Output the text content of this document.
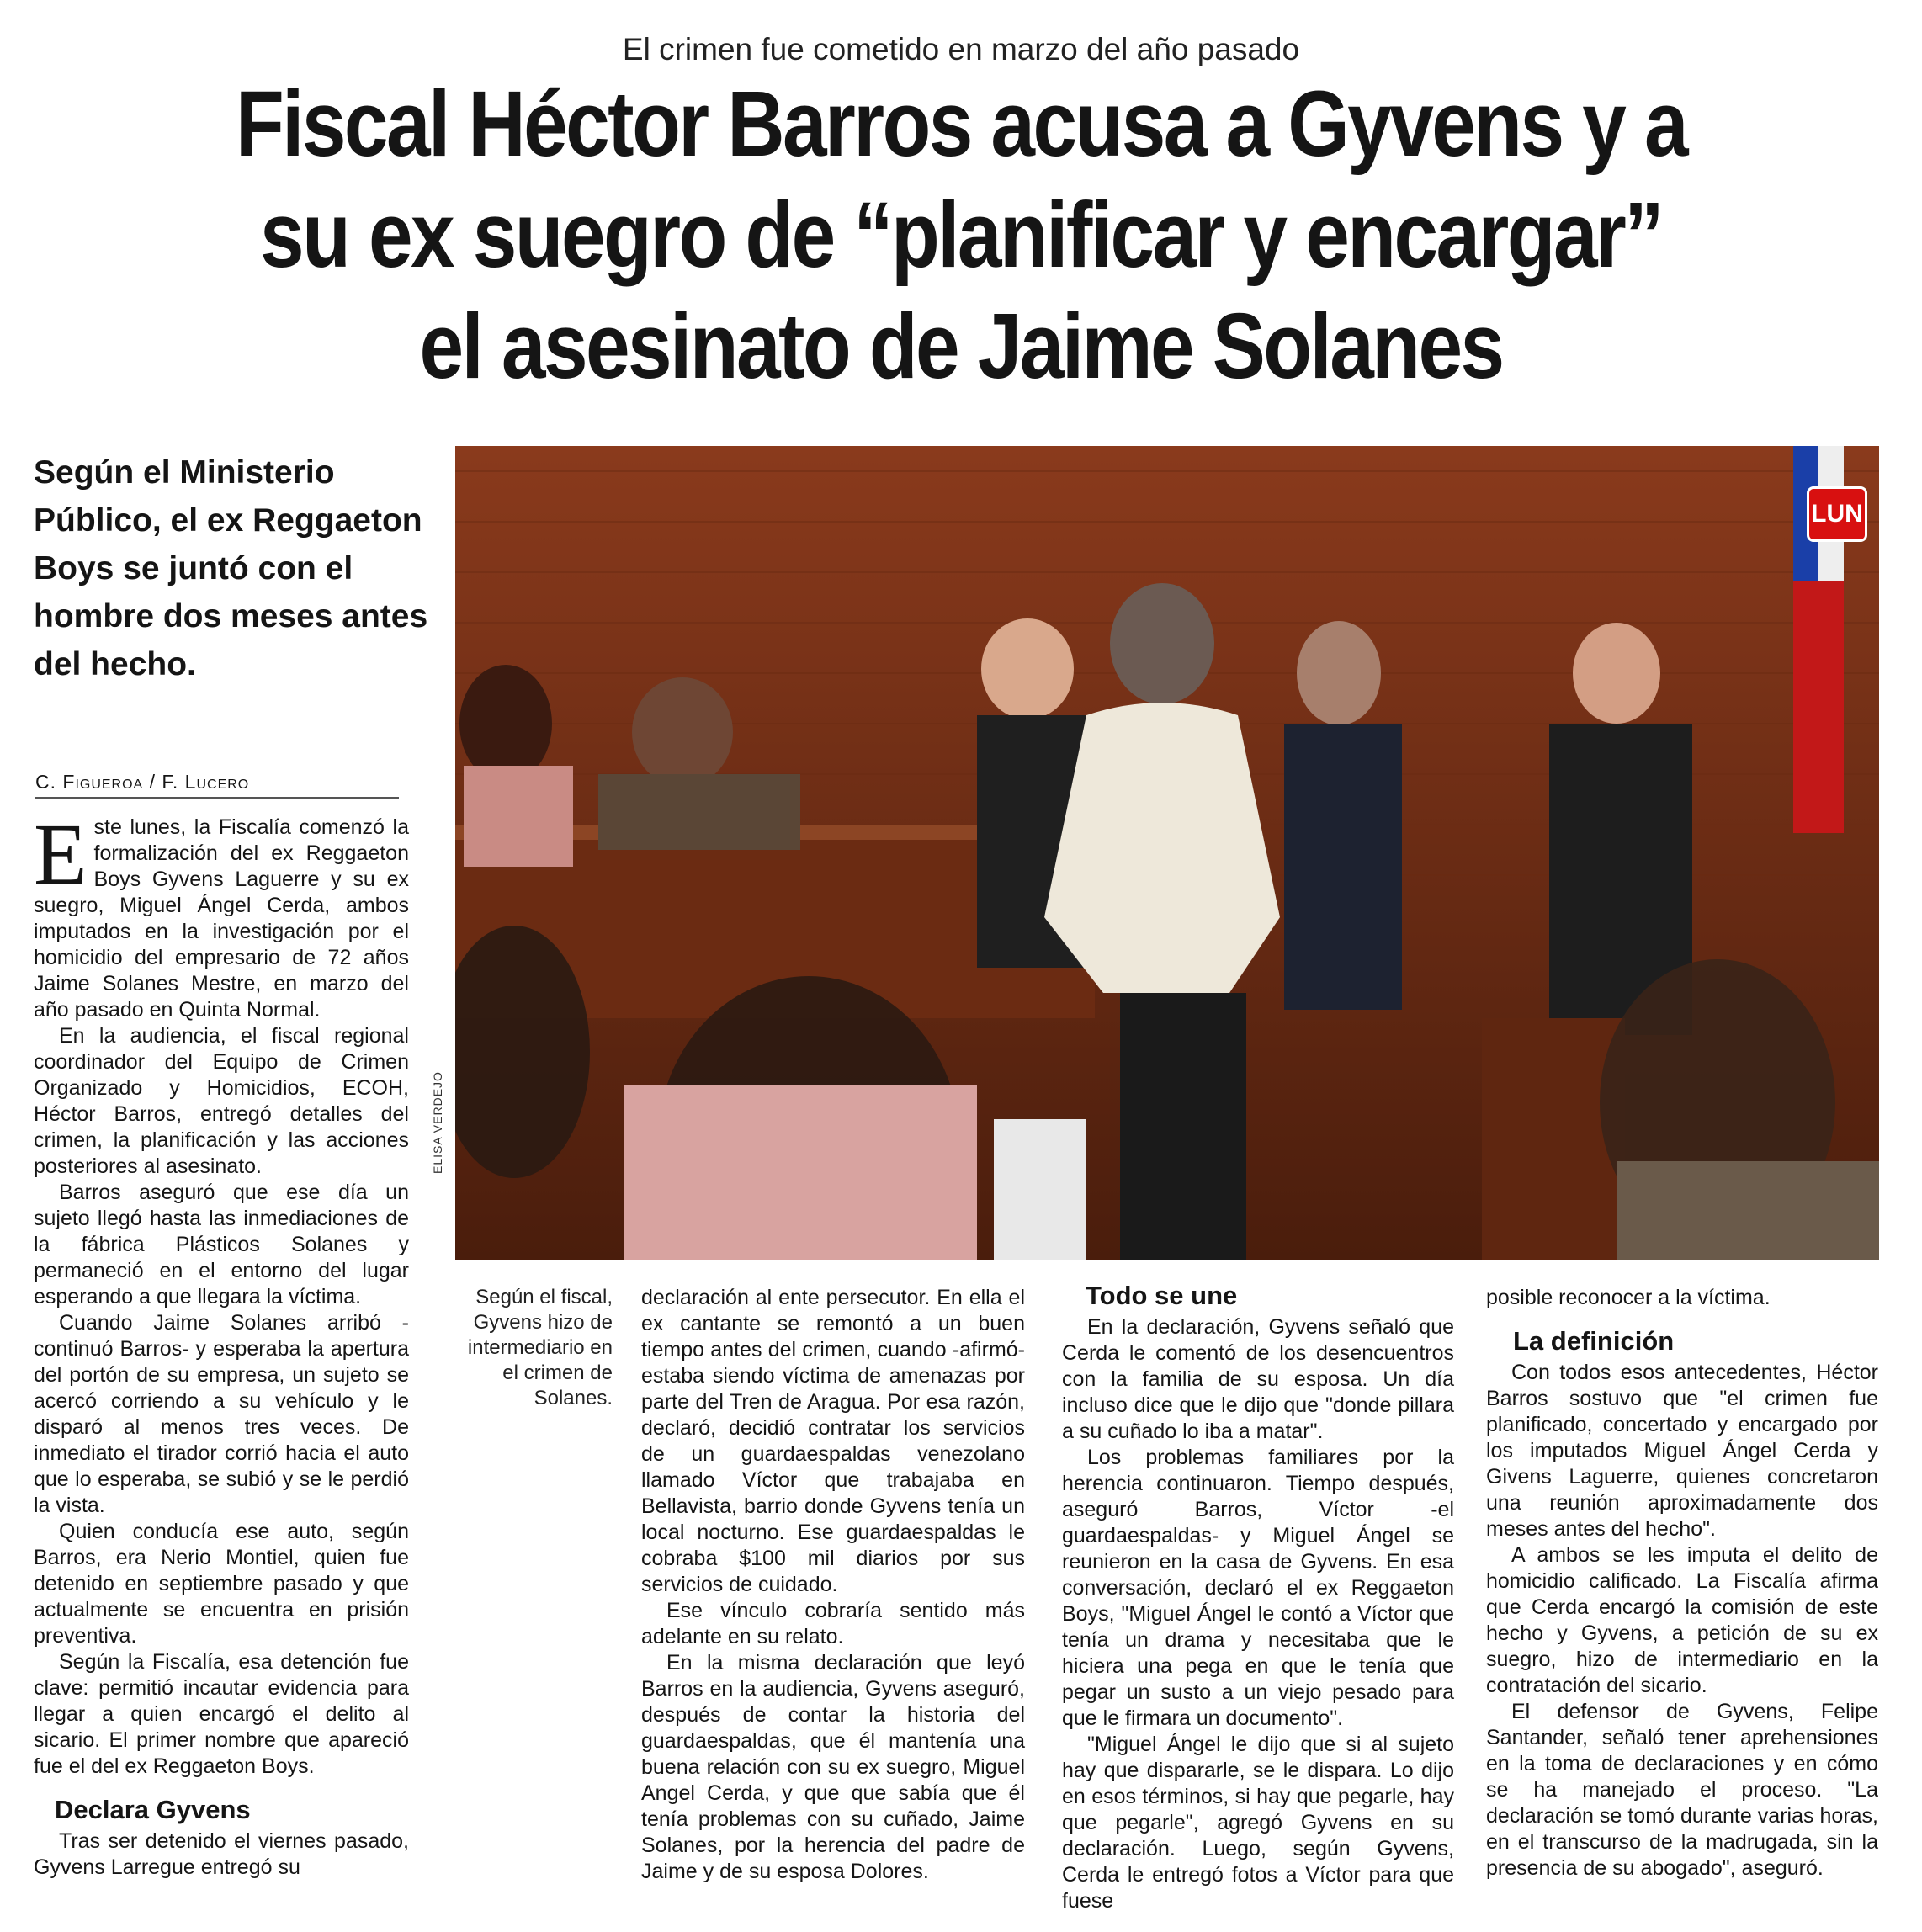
El crimen fue cometido en marzo del año pasado
Fiscal Héctor Barros acusa a Gyvens y a
su ex suegro de “planificar y encargar”
el asesinato de Jaime Solanes
Según el Ministerio Público, el ex Reggaeton Boys se juntó con el hombre dos meses antes del hecho.
C. Figueroa / F. Lucero
LUN
ELISA VERDEJO
Según el fiscal, Gyvens hizo de intermediario en el crimen de Solanes.

Este lunes, la Fiscalía comenzó la formalización del ex Reggaeton Boys Gyvens Laguerre y su ex suegro, Miguel Ángel Cerda, ambos imputados en la investigación por el homicidio del empresario de 72 años Jaime Solanes Mestre, en marzo del año pasado en Quinta Normal.

En la audiencia, el fiscal regional coordinador del Equipo de Crimen Organizado y Homicidios, ECOH, Héctor Barros, entregó detalles del crimen, la planificación y las acciones posteriores al asesinato.

Barros aseguró que ese día un sujeto llegó hasta las inmediaciones de la fábrica Plásticos Solanes y permaneció en el entorno del lugar esperando a que llegara la víctima.

Cuando Jaime Solanes arribó -continuó Barros- y esperaba la apertura del portón de su empresa, un sujeto se acercó corriendo a su vehículo y le disparó al menos tres veces. De inmediato el tirador corrió hacia el auto que lo esperaba, se subió y se le perdió la vista.

Quien conducía ese auto, según Barros, era Nerio Montiel, quien fue detenido en septiembre pasado y que actualmente se encuentra en prisión preventiva.

Según la Fiscalía, esa detención fue clave: permitió incautar evidencia para llegar a quien encargó el delito al sicario. El primer nombre que apareció fue el del ex Reggaeton Boys.

Declara Gyvens

Tras ser detenido el viernes pasado, Gyvens Larregue entregó su

declaración al ente persecutor. En ella el ex cantante se remontó a un buen tiempo antes del crimen, cuando -afirmó- estaba siendo víctima de amenazas por parte del Tren de Aragua. Por esa razón, declaró, decidió contratar los servicios de un guardaespaldas venezolano llamado Víctor que trabajaba en Bellavista, barrio donde Gyvens tenía un local nocturno. Ese guardaespaldas le cobraba $100 mil diarios por sus servicios de cuidado.

Ese vínculo cobraría sentido más adelante en su relato.

En la misma declaración que leyó Barros en la audiencia, Gyvens aseguró, después de contar la historia del guardaespaldas, que él mantenía una buena relación con su ex suegro, Miguel Angel Cerda, y que que sabía que él tenía problemas con su cuñado, Jaime Solanes, por la herencia del padre de Jaime y de su esposa Dolores.

Todo se une

En la declaración, Gyvens señaló que Cerda le comentó de los desencuentros con la familia de su esposa. Un día incluso dice que le dijo que "donde pillara a su cuñado lo iba a matar".

Los problemas familiares por la herencia continuaron. Tiempo después, aseguró Barros, Víctor -el guardaespaldas- y Miguel Ángel se reunieron en la casa de Gyvens. En esa conversación, declaró el ex Reggaeton Boys, "Miguel Ángel le contó a Víctor que tenía un drama y necesitaba que le hiciera una pega en que le tenía que pegar un susto a un viejo pesado para que le firmara un documento".

"Miguel Ángel le dijo que si al sujeto hay que dispararle, se le dispara. Lo dijo en esos términos, si hay que pegarle, hay que pegarle", agregó Gyvens en su declaración. Luego, según Gyvens, Cerda le entregó fotos a Víctor para que fuese

posible reconocer a la víctima.

La definición

Con todos esos antecedentes, Héctor Barros sostuvo que "el crimen fue planificado, concertado y encargado por los imputados Miguel Ángel Cerda y Givens Laguerre, quienes concretaron una reunión aproximadamente dos meses antes del hecho".

A ambos se les imputa el delito de homicidio calificado. La Fiscalía afirma que Cerda encargó la comisión de este hecho y Gyvens, a petición de su ex suegro, hizo de intermediario en la contratación del sicario.

El defensor de Gyvens, Felipe Santander, señaló tener aprehensiones en la toma de declaraciones y en cómo se ha manejado el proceso. "La declaración se tomó durante varias horas, en el transcurso de la madrugada, sin la presencia de su abogado", aseguró.
